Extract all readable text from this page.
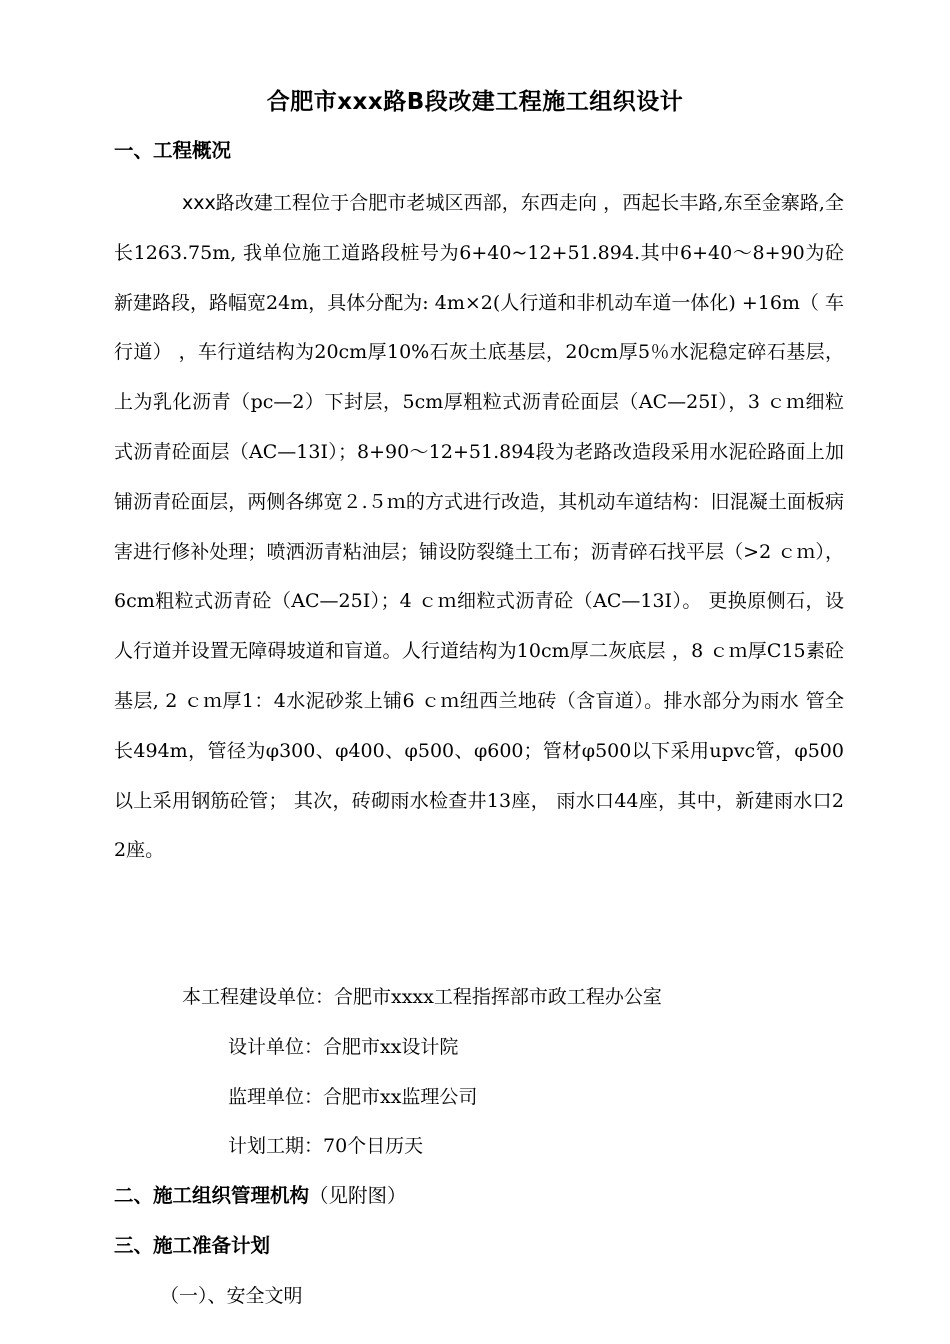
合肥市xxx路B段改建工程施工组织设计
一、工程概况

xxx路改建工程位于合肥市老城区西部，东西走向 ，西起长丰路,东至金寨路,全长1263.75m, 我单位施工道路段桩号为6+40~12+51.894.其中6+40～8+90为砼新建路段，路幅宽24m，具体分配为: 4m×2(人行道和非机动车道一体化) +16m（ 车行道） ，车行道结构为20cm厚10%石灰土底基层，20cm厚5％水泥稳定碎石基层，上为乳化沥青（pc—2）下封层，5cm厚粗粒式沥青砼面层（AC—25I），3 ｃｍ细粒式沥青砼面层（AC—13I）；8+90～12+51.894段为老路改造段采用水泥砼路面上加铺沥青砼面层，两侧各绑宽２.５ｍ的方式进行改造，其机动车道结构：旧混凝土面板病害进行修补处理；喷洒沥青粘油层；铺设防裂缝土工布；沥青碎石找平层（>2 ｃｍ），6cm粗粒式沥青砼（AC—25I）；4 ｃｍ细粒式沥青砼（AC—13I）。 更换原侧石，设人行道并设置无障碍坡道和盲道。人行道结构为10cm厚二灰底层 ，8 ｃｍ厚C15素砼基层, 2 ｃｍ厚1：4水泥砂浆上铺6 ｃｍ纽西兰地砖（含盲道）。排水部分为雨水 管全长494m，管径为φ300、φ400、φ500、φ600；管材φ500以下采用upvc管，φ500以上采用钢筋砼管； 其次，砖砌雨水检查井13座， 雨水口44座，其中，新建雨水口22座。

本工程建设单位：合肥市xxxx工程指挥部市政工程办公室
设计单位：合肥市xx设计院
监理单位：合肥市xx监理公司
计划工期：70个日历天
二、施工组织管理机构（见附图）
三、施工准备计划
（一）、安全文明
